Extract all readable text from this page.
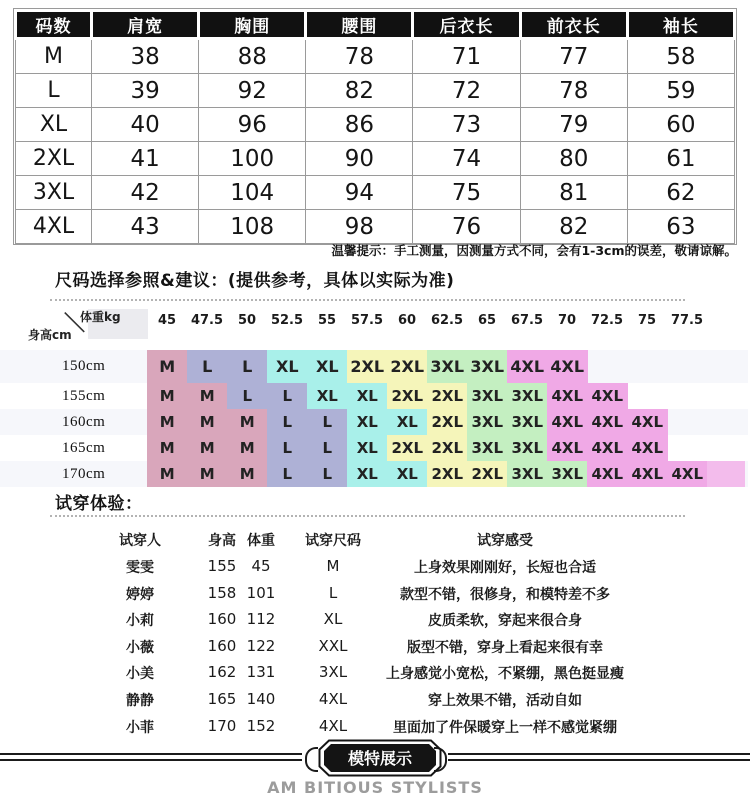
码数	肩宽	胸围	腰围	后衣长	前衣长	袖长
M	38	88	78	71	77	58
L	39	92	82	72	78	59
XL	40	96	86	73	79	60
2XL	41	100	90	74	80	61
3XL	42	104	94	75	81	62
4XL	43	108	98	76	82	63
温馨提示：手工测量，因测量方式不同，会有1-3cm的误差，敬请谅解。
尺码选择参照&建议：(提供参考，具体以实际为准)
身高cm
＼
体重kg	45 47.5 50 52.5 55 57.5 60 62.5 65 67.5 70 72.5 75 77.5
150cm	M	L	L	XL	XL 2XL 2XL 3XL 3XL 4XL 4XL
155cm	M	M	L	L	XL	XL 2XL 2XL 3XL 3XL 4XL 4XL
160cm	M	M	M	L	L	XL	XL 2XL 3XL 3XL 4XL 4XL 4XL
165cm	M	M	M	L	L	XL 2XL 2XL 3XL 3XL 4XL 4XL 4XL
170cm	M	M	M	L	L	XL	XL 2XL 2XL 3XL 3XL 4XL 4XL 4XL
试穿体验：
试穿人	身高 体重 试穿尺码	试穿感受
雯雯	155 45	M	上身效果刚刚好，长短也合适
婷婷	158 101	L	款型不错，很修身，和模特差不多
小莉	160 112	XL	皮质柔软，穿起来很合身
小薇	160 122	XXL	版型不错，穿身上看起来很有幸
小美	162 131	3XL	上身感觉小宽松，不紧绷，黑色挺显瘦
静静	165 140	4XL	穿上效果不错，活动自如
小菲	170 152	4XL	里面加了件保暖穿上一样不感觉紧绷
模特展示
AM BITIOUS STYLISTS
